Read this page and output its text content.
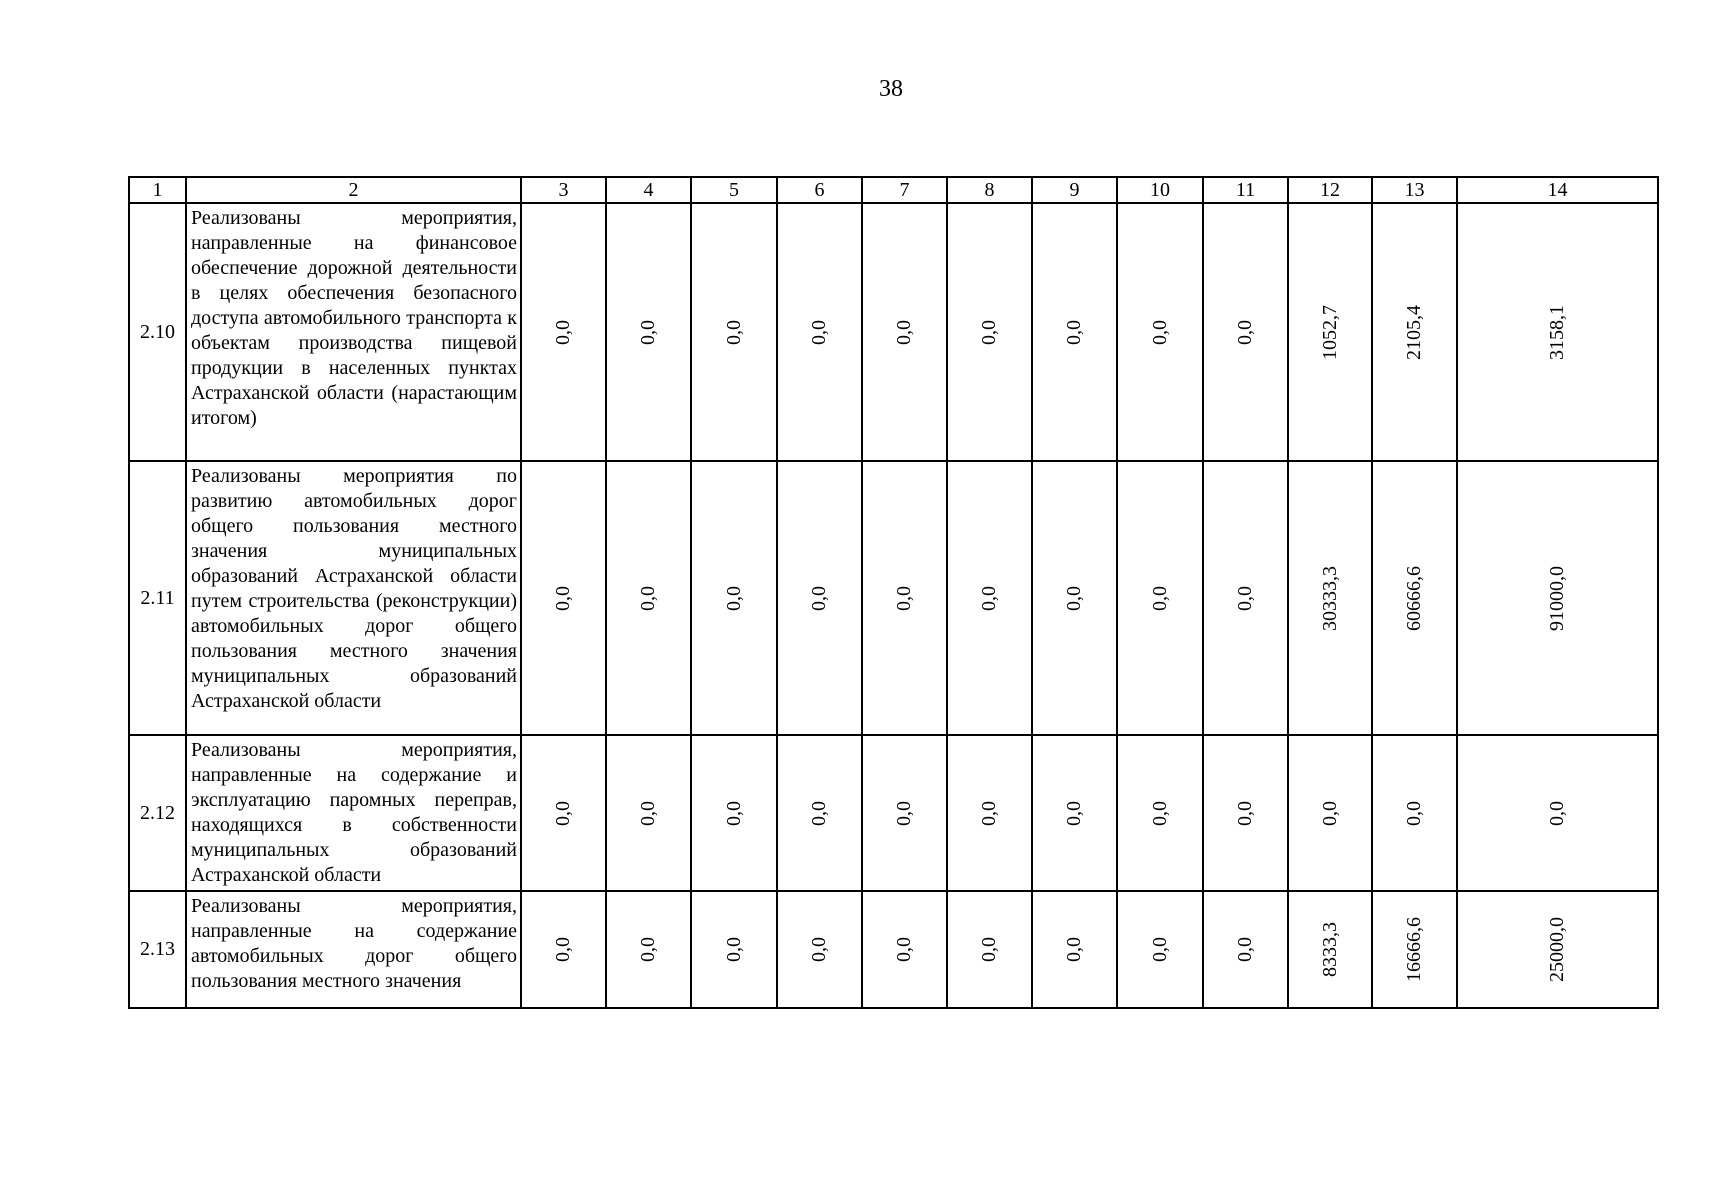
38
1	2	3	4	5	6	7	8	9	10	11	12	13	14
2.10	Реализованы мероприятия, направленные на финансовое обеспечение дорожной деятельности в целях обеспечения безопасного доступа автомобильного транспорта к объектам производства пищевой продукции в населенных пунктах Астраханской области (нарастающим итогом)	0,0	0,0	0,0	0,0	0,0	0,0	0,0	0,0	0,0	1052,7	2105,4	3158,1
2.11	Реализованы мероприятия по развитию автомобильных дорог общего пользования местного значения муниципальных образований Астраханской области путем строительства (реконструкции) автомобильных дорог общего пользования местного значения муниципальных образований Астраханской области	0,0	0,0	0,0	0,0	0,0	0,0	0,0	0,0	0,0	30333,3	60666,6	91000,0
2.12	Реализованы мероприятия, направленные на содержание и эксплуатацию паромных переправ, находящихся в собственности муниципальных образований Астраханской области	0,0	0,0	0,0	0,0	0,0	0,0	0,0	0,0	0,0	0,0	0,0	0,0
2.13	Реализованы мероприятия, направленные на содержание автомобильных дорог общего пользования местного значения	0,0	0,0	0,0	0,0	0,0	0,0	0,0	0,0	0,0	8333,3	16666,6	25000,0
